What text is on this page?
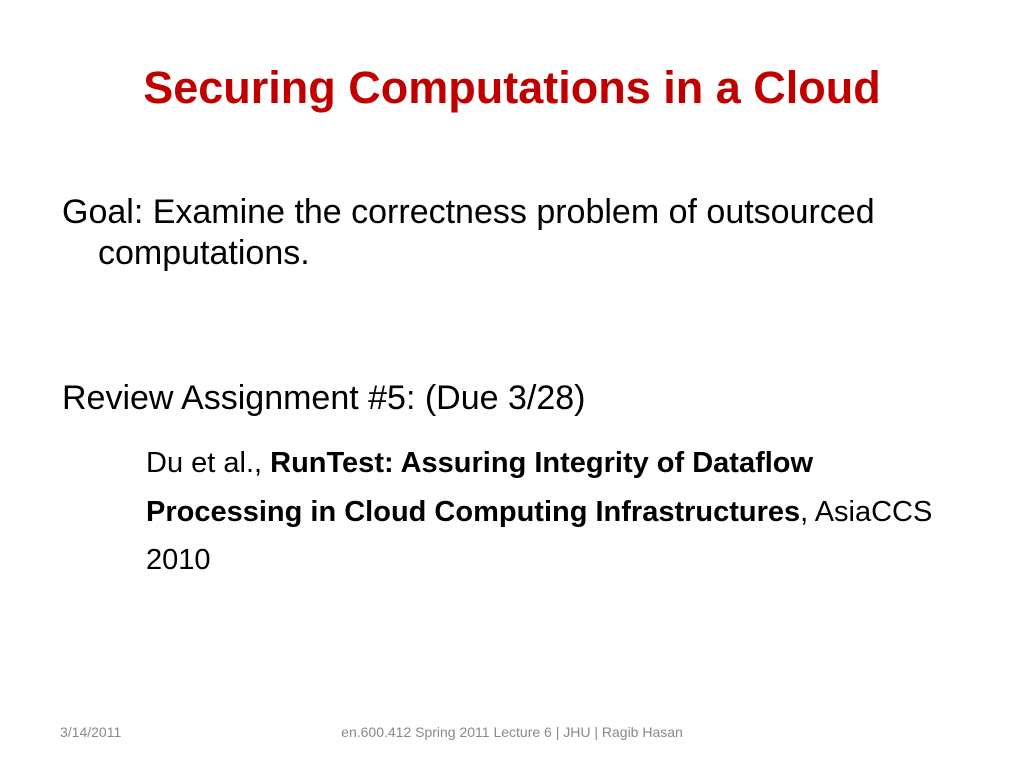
Securing Computations in a Cloud
Goal: Examine the correctness problem of outsourced computations.
Review Assignment #5: (Due 3/28)
Du et al., RunTest: Assuring Integrity of Dataflow Processing in Cloud Computing Infrastructures, AsiaCCS 2010
3/14/2011	en.600.412 Spring 2011 Lecture 6 | JHU | Ragib Hasan
